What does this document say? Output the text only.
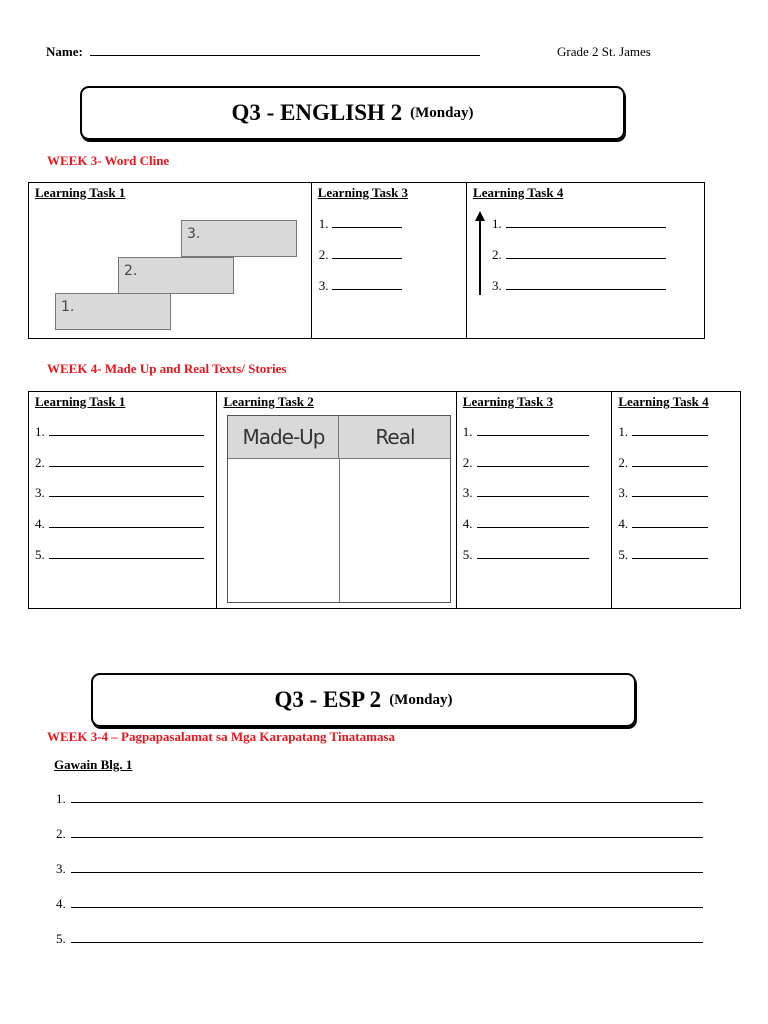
Name:	Grade 2 St. James
Q3 - ENGLISH 2 (Monday)
WEEK 3- Word Cline
Learning Task 1
1.
2.
3.

Learning Task 3
1.
2.
3.

Learning Task 4
1.
2.
3.
WEEK 4- Made Up and Real Texts/ Stories
Learning Task 1
1.
2.
3.
4.
5.

Learning Task 2
Made-Up	Real

Learning Task 3
1.
2.
3.
4.
5.

Learning Task 4
1.
2.
3.
4.
5.
Q3 - ESP 2 (Monday)
WEEK 3-4 – Pagpapasalamat sa Mga Karapatang Tinatamasa
Gawain Blg. 1
1.
2.
3.
4.
5.
